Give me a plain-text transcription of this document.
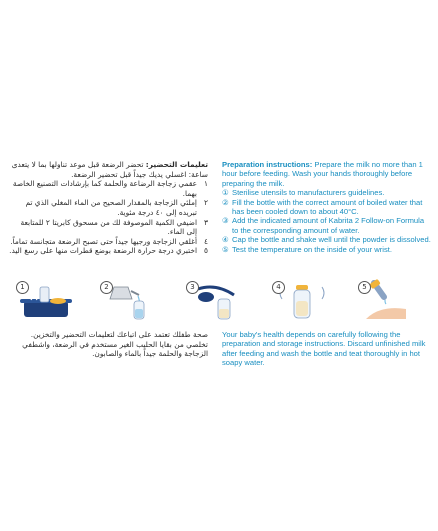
تعليمات التحضير: تحضر الرضعة قبل موعد تناولها بما لا يتعدى ساعة: اغسلي يديك جيداً قبل تحضير الرضعة.
١
عقمي زجاجة الرضاعة والحلمة كما بإرشادات التصنيع الخاصة بهما.
٢
إملئي الزجاجة بالمقدار الصحيح من الماء المغلي الذي تم تبريده إلى ٤٠ درجة مئوية.
٣
اضيفي الكمية الموصوفة لك من مسحوق كابريتا ٢ للمتابعة إلى الماء.
٤
أغلقي الزجاجة ورجيها جيداً حتى تصبح الرضعة متجانسة تماماً.
٥
اختبري درجة حرارة الرضعة بوضع قطرات منها على رسغ اليد.
Preparation instructions: Prepare the milk no more than 1 hour before feeding. Wash your hands thoroughly before preparing the milk.
① Sterilise utensils to manufacturers guidelines.
② Fill the bottle with the correct amount of boiled water that has been cooled down to about 40°C.
③ Add the indicated amount of Kabrita 2 Follow-on Formula to the corresponding amount of water.
④ Cap the bottle and shake well until the powder is dissolved.
⑤ Test the temperature on the inside of your wrist.
1	2	3	4	5
صحة طفلك تعتمد على اتباعك لتعليمات التحضير والتخزين. تخلصي من بقايا الحليب الغير مستخدم في الرضعة، واشطفي الزجاجة والحلمة جيداً بالماء والصابون.
Your baby's health depends on carefully following the preparation and storage instructions. Discard unfinished milk after feeding and wash the bottle and teat thoroughly in hot soapy water.
